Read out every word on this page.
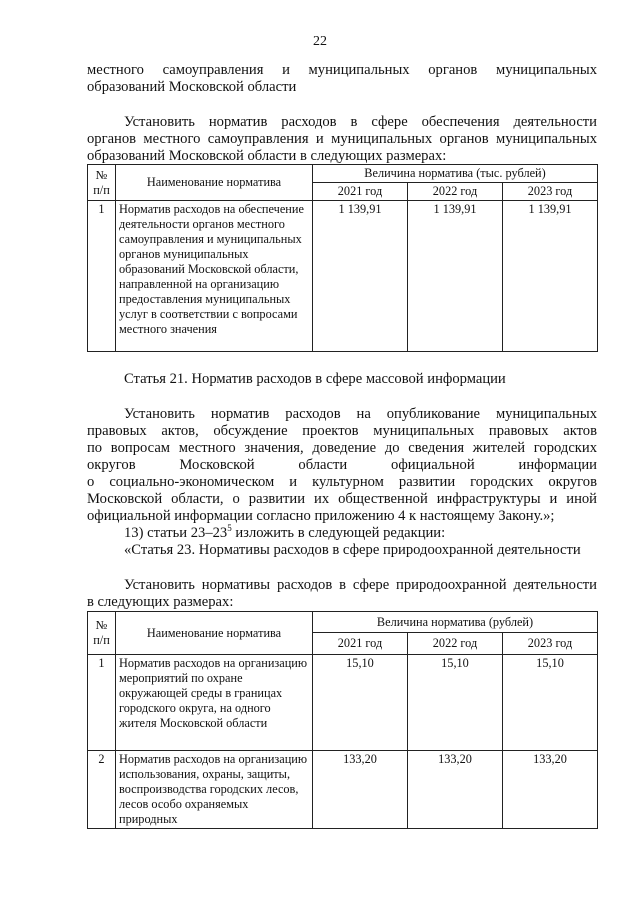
22

местного самоуправления и муниципальных органов муниципальных

образований Московской области

Установить норматив расходов в сфере обеспечения деятельности

органов местного самоуправления и муниципальных органов муниципальных

образований Московской области в следующих размерах:

№ п/п	Наименование норматива	Величина норматива (тыс. рублей)		
		2021 год	2022 год	2023 год
1	Норматив расходов на обеспечение деятельности органов местного самоуправления и муниципальных органов муниципальных образований Московской области, направленной на организацию предоставления муниципальных услуг в соответствии с вопросами местного значения	1 139,91	1 139,91	1 139,91

Статья 21. Норматив расходов в сфере массовой информации

Установить норматив расходов на опубликование муниципальных

правовых актов, обсуждение проектов муниципальных правовых актов

по вопросам местного значения, доведение до сведения жителей городских

округов Московской области официальной информации

о социально-экономическом и культурном развитии городских округов

Московской области, о развитии их общественной инфраструктуры и иной

официальной информации согласно приложению 4 к настоящему Закону.»;

13) статьи $23-23^5$ изложить в следующей редакции:

«Статья 23. Нормативы расходов в сфере природоохранной деятельности

Установить нормативы расходов в сфере природоохранной деятельности

в следующих размерах:

№ п/п	Наименование норматива	Величина норматива (рублей)		
		2021 год	2022 год	2023 год
1	Норматив расходов на организацию мероприятий по охране окружающей среды в границах городского округа, на одного жителя Московской области	15,10	15,10	15,10
2	Норматив расходов на организацию использования, охраны, защиты, воспроизводства городских лесов, лесов особо охраняемых природных	133,20	133,20	133,20
